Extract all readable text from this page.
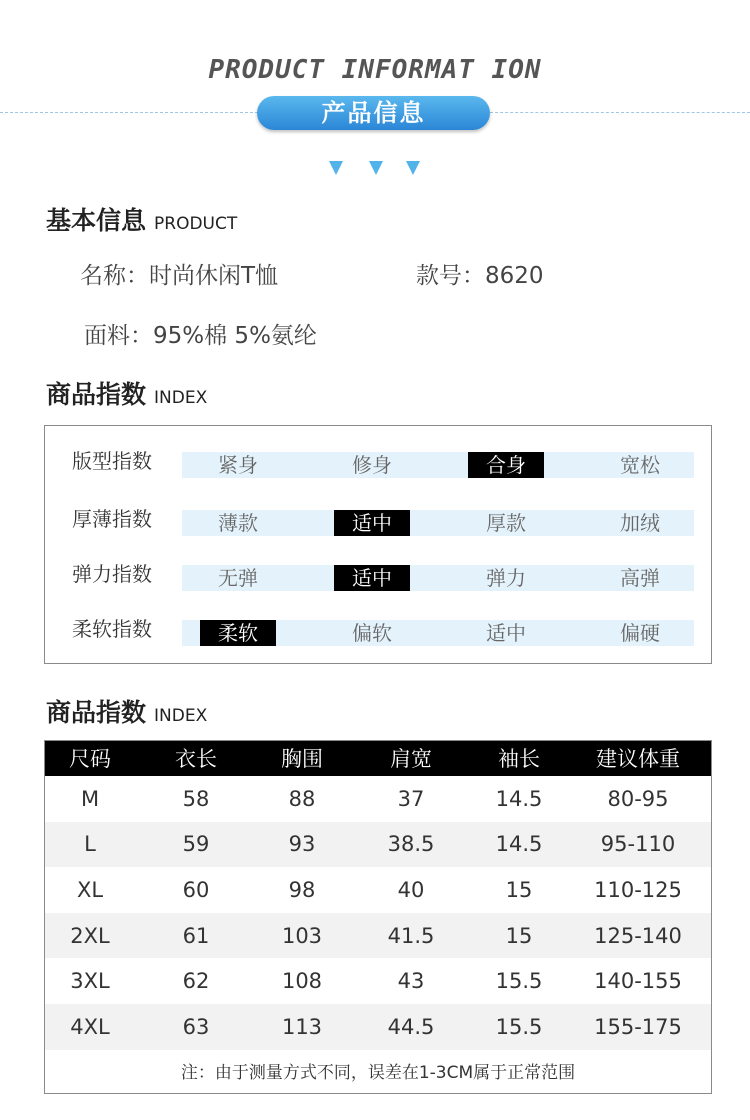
PRODUCT INFORMAT ION
产品信息
基本信息 PRODUCT
名称：时尚休闲T恤	款号：8620
面料：95%棉 5%氨纶
商品指数 INDEX
版型指数	紧身	修身	合身	宽松
厚薄指数	薄款	适中	厚款	加绒
弹力指数	无弹	适中	弹力	高弹
柔软指数	柔软	偏软	适中	偏硬
商品指数 INDEX
尺码	衣长	胸围	肩宽	袖长	建议体重
M	58	88	37	14.5	80-95
L	59	93	38.5	14.5	95-110
XL	60	98	40	15	110-125
2XL	61	103	41.5	15	125-140
3XL	62	108	43	15.5	140-155
4XL	63	113	44.5	15.5	155-175
注：由于测量方式不同，误差在1-3CM属于正常范围
